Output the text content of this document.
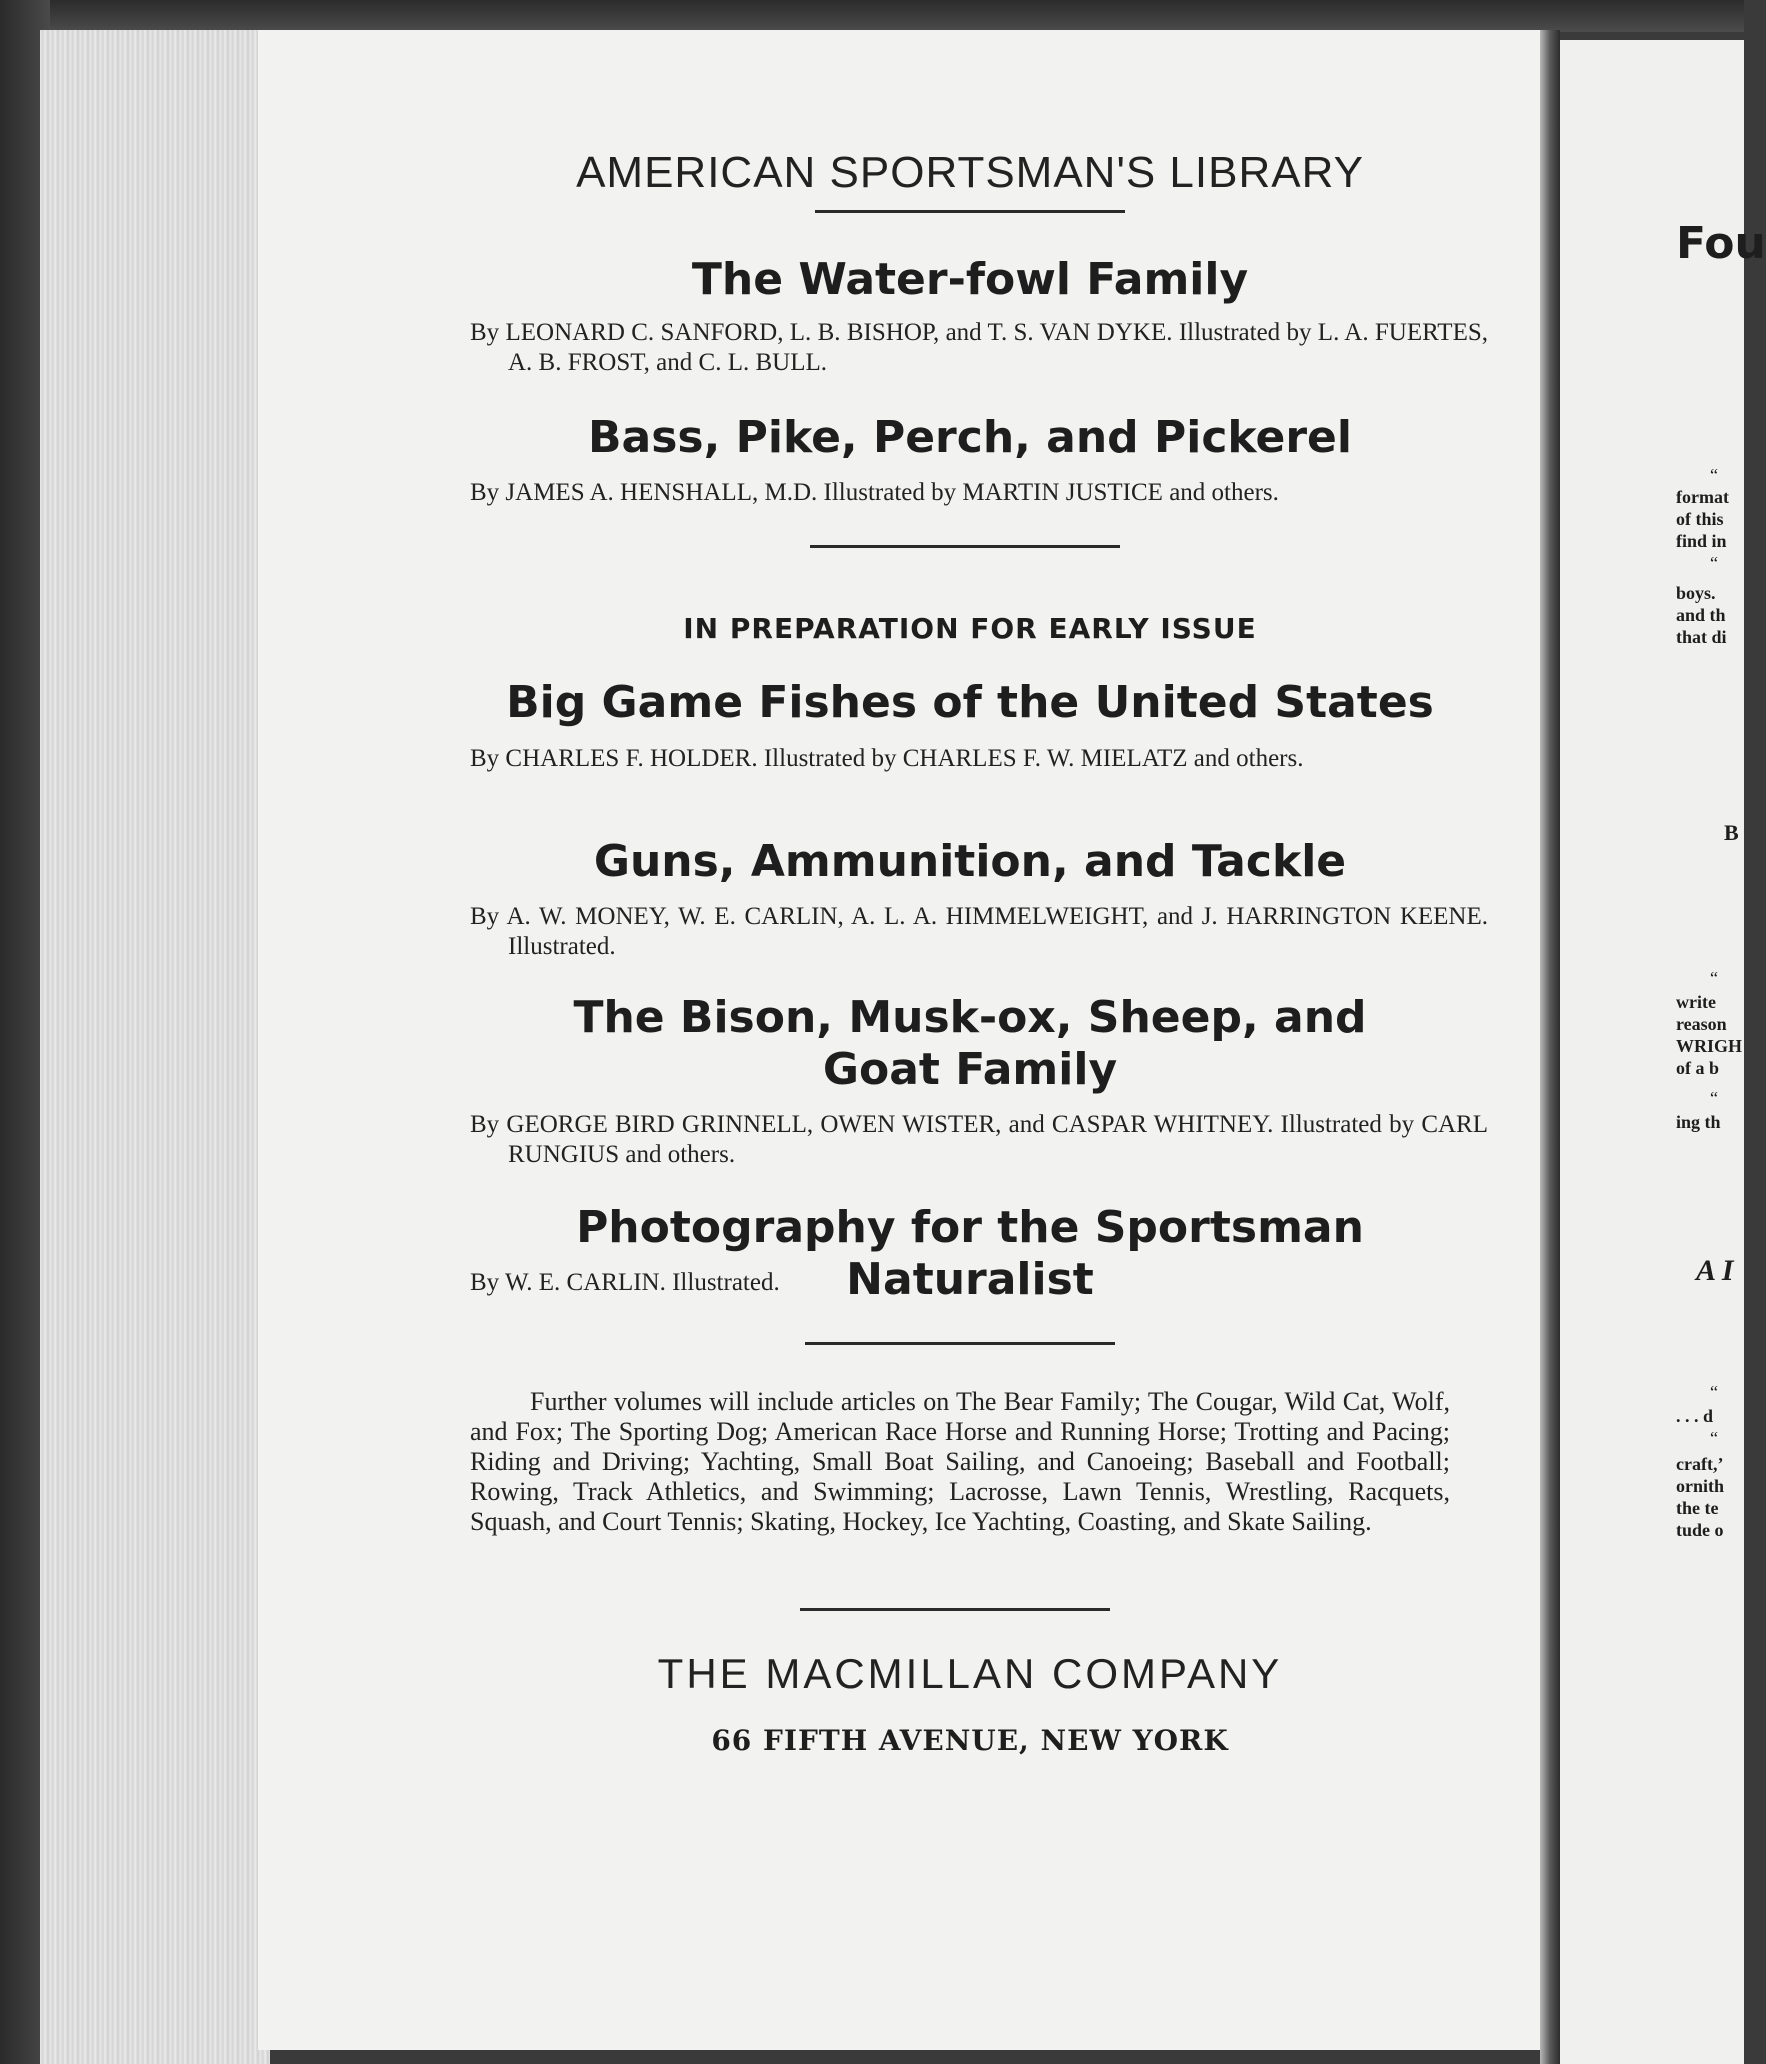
AMERICAN SPORTSMAN'S LIBRARY
The Water-fowl Family
By LEONARD C. SANFORD, L. B. BISHOP, and T. S. VAN DYKE. Illustrated by L. A. FUERTES, A. B. FROST, and C. L. BULL.
Bass, Pike, Perch, and Pickerel
By JAMES A. HENSHALL, M.D. Illustrated by MARTIN JUSTICE and others.
IN PREPARATION FOR EARLY ISSUE
Big Game Fishes of the United States
By CHARLES F. HOLDER. Illustrated by CHARLES F. W. MIELATZ and others.
Guns, Ammunition, and Tackle
By A. W. MONEY, W. E. CARLIN, A. L. A. HIMMELWEIGHT, and J. HARRINGTON KEENE. Illustrated.
The Bison, Musk-ox, Sheep, and Goat Family
By GEORGE BIRD GRINNELL, OWEN WISTER, and CASPAR WHITNEY. Illustrated by CARL RUNGIUS and others.
Photography for the Sportsman Naturalist
By W. E. CARLIN. Illustrated.
Further volumes will include articles on The Bear Family; The Cougar, Wild Cat, Wolf, and Fox; The Sporting Dog; American Race Horse and Running Horse; Trotting and Pacing; Riding and Driving; Yachting, Small Boat Sailing, and Canoeing; Baseball and Football; Rowing, Track Athletics, and Swimming; Lacrosse, Lawn Tennis, Wrestling, Racquets, Squash, and Court Tennis; Skating, Hockey, Ice Yachting, Coasting, and Skate Sailing.
THE MACMILLAN COMPANY
66 FIFTH AVENUE, NEW YORK
Fou
“
format
of this
find in
“
boys.
and th
that di
B
“
write
reason
WRIGH
of a b
“
ing th
A I
“
. . . d
“
craft,’
ornith
the te
tude o
